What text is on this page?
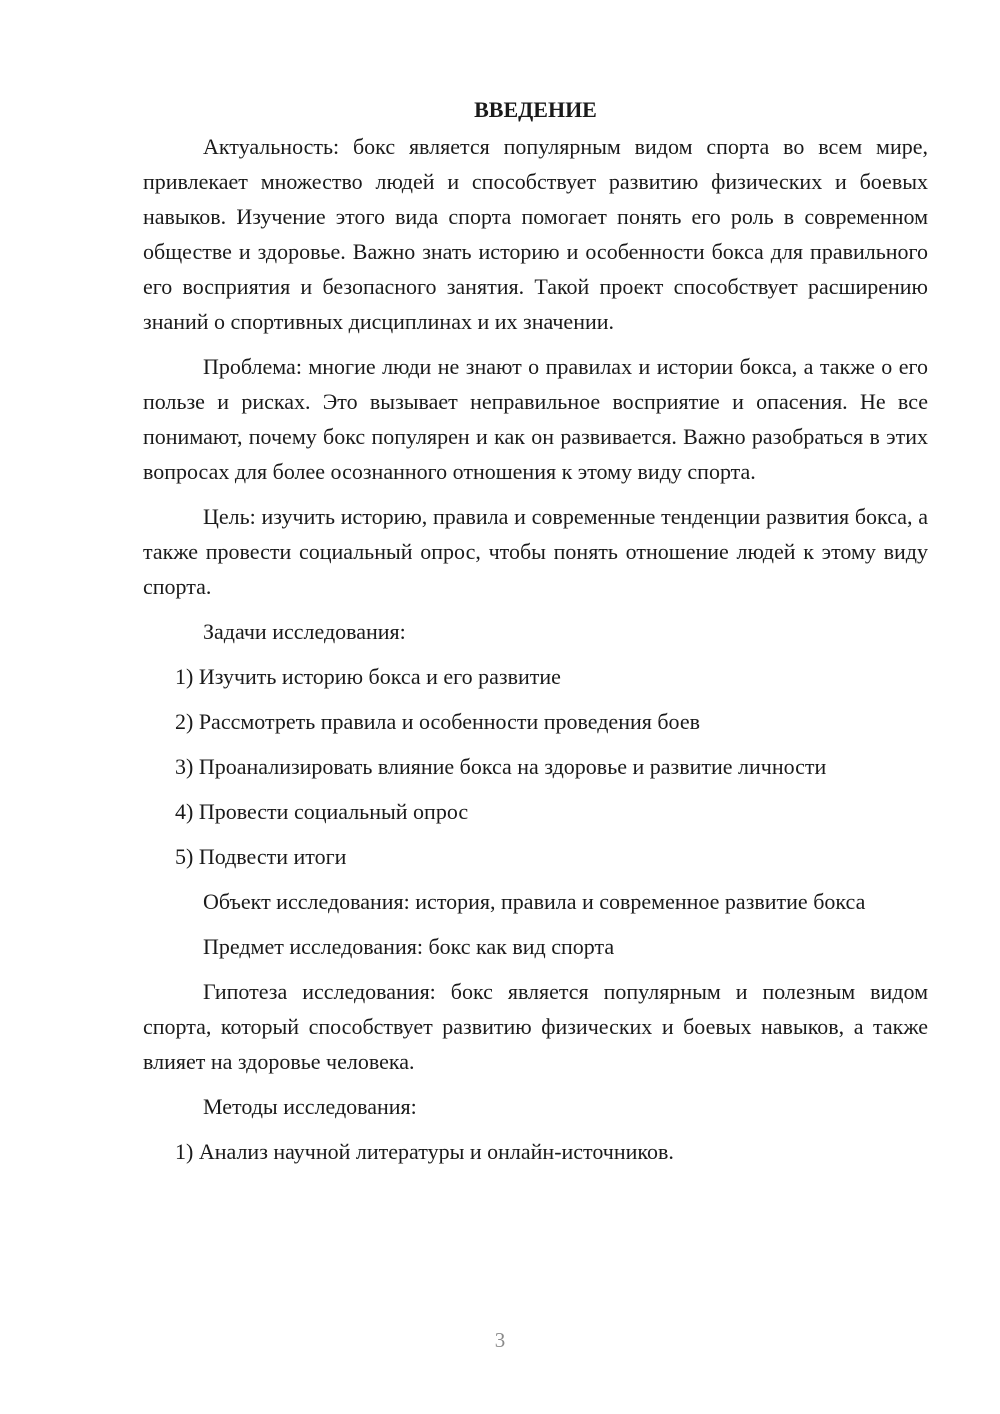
ВВЕДЕНИЕ

Актуальность: бокс является популярным видом спорта во всем мире, привлекает множество людей и способствует развитию физических и боевых навыков. Изучение этого вида спорта помогает понять его роль в современном обществе и здоровье. Важно знать историю и особенности бокса для правильного его восприятия и безопасного занятия. Такой проект способствует расширению знаний о спортивных дисциплинах и их значении.

Проблема: многие люди не знают о правилах и истории бокса, а также о его пользе и рисках. Это вызывает неправильное восприятие и опасения. Не все понимают, почему бокс популярен и как он развивается. Важно разобраться в этих вопросах для более осознанного отношения к этому виду спорта.

Цель: изучить историю, правила и современные тенденции развития бокса, а также провести социальный опрос, чтобы понять отношение людей к этому виду спорта.

Задачи исследования:

1) Изучить историю бокса и его развитие
2) Рассмотреть правила и особенности проведения боев
3) Проанализировать влияние бокса на здоровье и развитие личности
4) Провести социальный опрос
5) Подвести итоги

Объект исследования: история, правила и современное развитие бокса

Предмет исследования: бокс как вид спорта

Гипотеза исследования: бокс является популярным и полезным видом спорта, который способствует развитию физических и боевых навыков, а также влияет на здоровье человека.

Методы исследования:

1) Анализ научной литературы и онлайн-источников.
3
